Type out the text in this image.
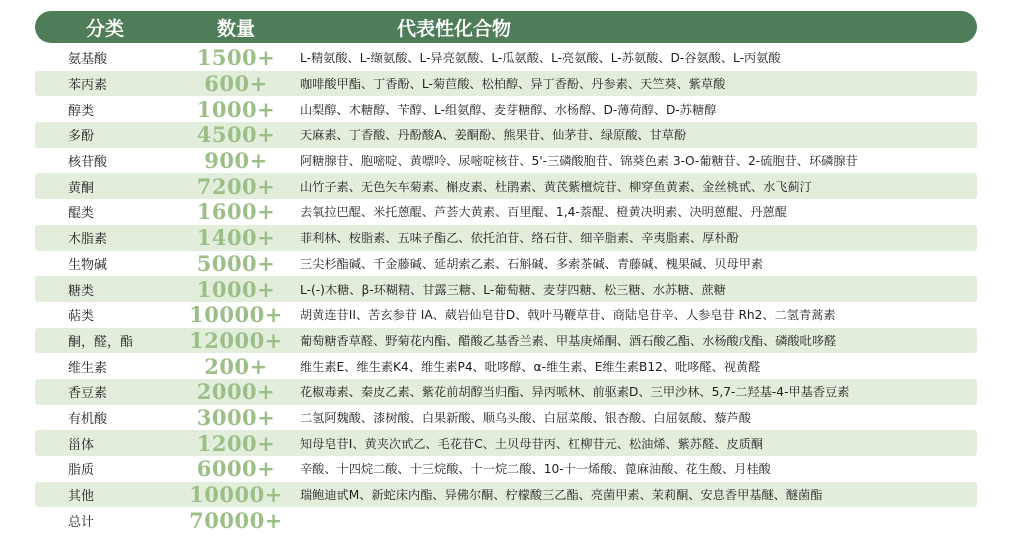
分类	数量	代表性化合物
氨基酸	1500+	L-精氨酸、L-缬氨酸、L-异亮氨酸、L-瓜氨酸、L-亮氨酸、L-苏氨酸、D-谷氨酸、L-丙氨酸
苯丙素	600+	咖啡酸甲酯、丁香酚、L-菊苣酸、松柏醇、异丁香酚、丹参素、天竺葵、紫草酸
醇类	1000+	山梨醇、木糖醇、苄醇、L-组氨醇、麦芽糖醇、水杨醇、D-薄荷醇、D-苏糖醇
多酚	4500+	天麻素、丁香酸、丹酚酸A、姜酮酚、熊果苷、仙茅苷、绿原酸、甘草酚
核苷酸	900+	阿糖腺苷、胞嘧啶、黄嘌呤、尿嘧啶核苷、5'-三磷酸胞苷、锦葵色素 3-O-葡糖苷、2-硫胞苷、环磷腺苷
黄酮	7200+	山竹子素、无色矢车菊素、槲皮素、杜鹃素、黄芪紫檀烷苷、柳穿鱼黄素、金丝桃甙、水飞蓟汀
醌类	1600+	去氧拉巴醌、米托蒽醌、芦荟大黄素、百里醌、1,4-萘醌、橙黄决明素、决明蒽醌、丹蒽醌
木脂素	1400+	菲利林、桉脂素、五味子酯乙、依托泊苷、络石苷、细辛脂素、辛夷脂素、厚朴酚
生物碱	5000+	三尖杉酯碱、千金藤碱、延胡索乙素、石斛碱、多索茶碱、青藤碱、槐果碱、贝母甲素
糖类	1000+	L-(-)木糖、β-环糊精、甘露三糖、L-葡萄糖、麦芽四糖、松三糖、水苏糖、蔗糖
萜类	10000+	胡黄连苷II、苦玄参苷 IA、葳岩仙皂苷D、戟叶马鞭草苷、商陆皂苷辛、人参皂苷 Rh2、二氢青蒿素
酮，醛，酯	12000+	葡萄糖香草醛、野菊花内酯、醋酸乙基香兰素、甲基庚烯酮、酒石酸乙酯、水杨酸戊酯、磷酸吡哆醛
维生素	200+	维生素E、维生素K4、维生素P4、吡哆醇、α-维生素、E维生素B12、吡哆醛、视黄醛
香豆素	2000+	花椒毒素、秦皮乙素、紫花前胡醇当归酯、异丙哌林、前驱素D、三甲沙林、5,7-二羟基-4-甲基香豆素
有机酸	3000+	二氢阿魏酸、漆树酸、白果新酸、顺乌头酸、白屈菜酸、银杏酸、白屈氨酸、藜芦酸
甾体	1200+	知母皂苷I、黄夹次甙乙、毛花苷C、土贝母苷丙、杠柳苷元、松油烯、紫苏醛、皮质酮
脂质	6000+	辛酸、十四烷二酸、十三烷酸、十一烷二酸、10-十一烯酸、蓖麻油酸、花生酸、月桂酸
其他	10000+	瑞鲍迪甙M、新蛇床内酯、异佛尔酮、柠檬酸三乙酯、亮菌甲素、茉莉酮、安息香甲基醚、醚菌酯
总计	70000+
